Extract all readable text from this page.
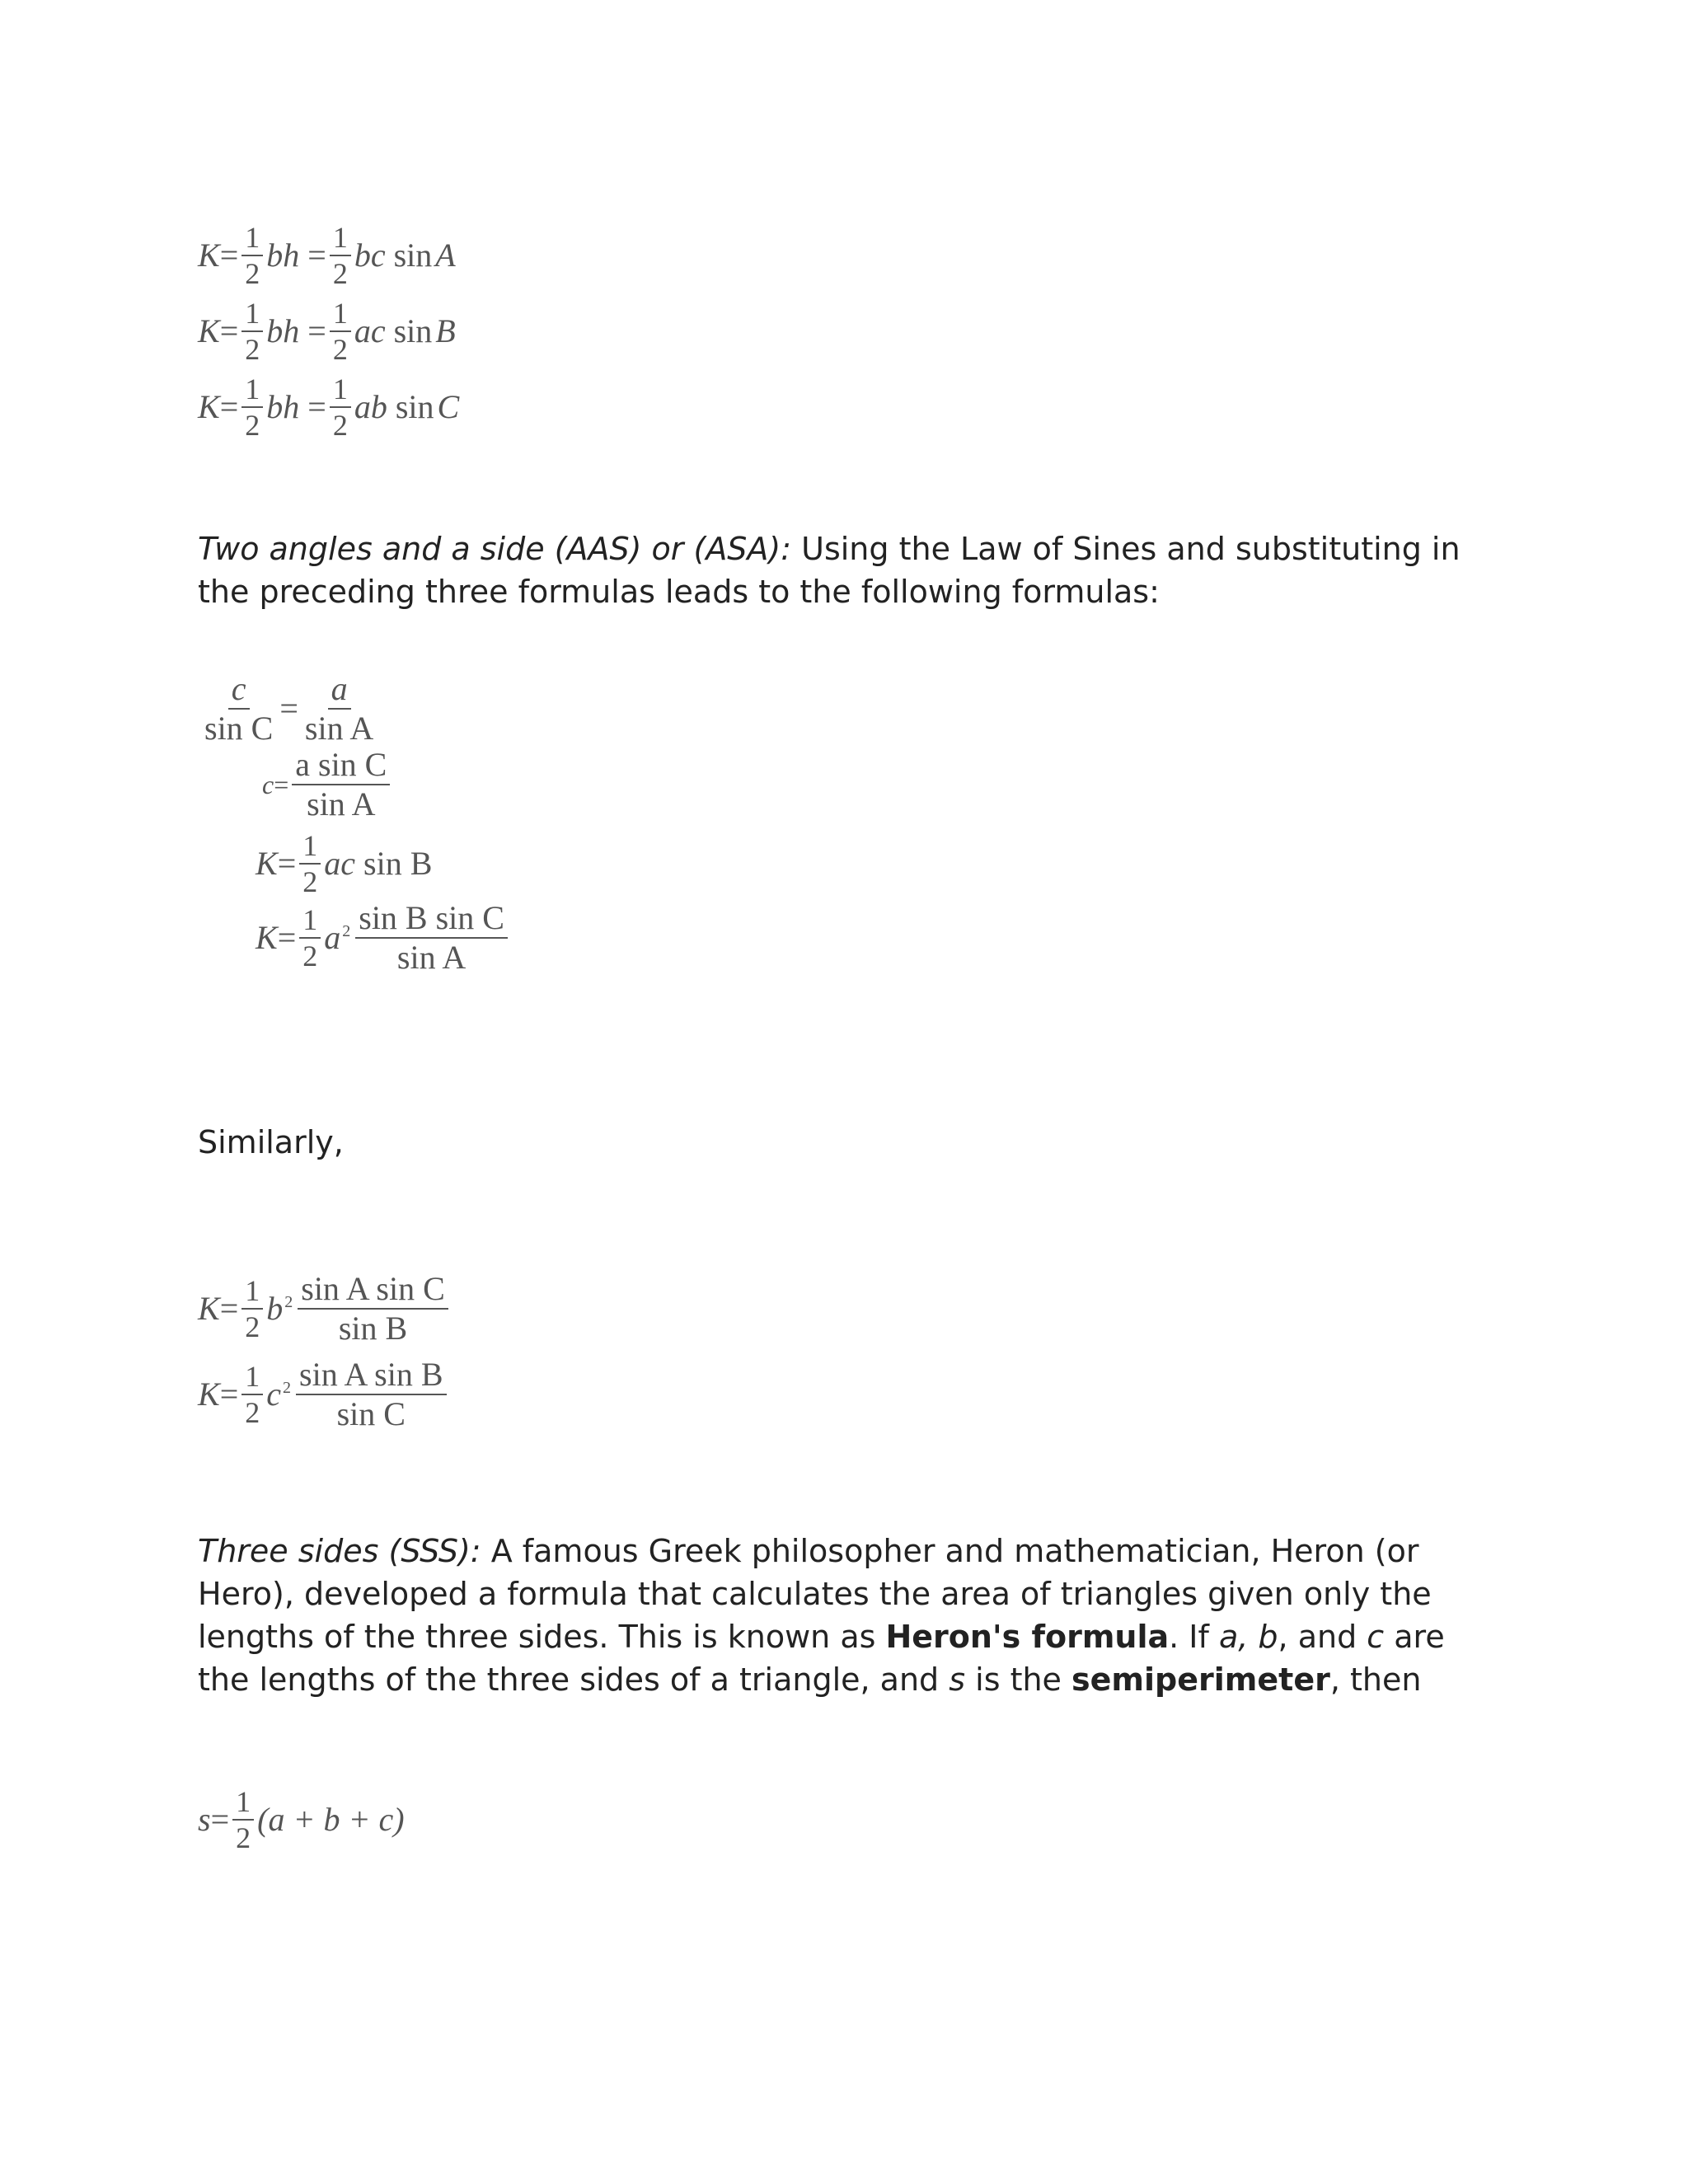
$K = \frac{1}{2}$ bh = $\frac{1}{2}$ bc sin A
$K = \frac{1}{2}$ bh = $\frac{1}{2}$ ac sin B
$K = \frac{1}{2}$ bh = $\frac{1}{2}$ ab sin C

Two angles and a side (AAS) or (ASA): Using the Law of Sines and substituting in the preceding three formulas leads to the following formulas:

$\frac{c}{\text{sin C}} = \frac{a}{\text{sin A}}$
$c = \frac{\text{a sin C}}{\text{sin A}}$
$K = \frac{1}{2}$ ac sin B
$K = \frac{1}{2}$ a $2 \frac{\text{sin B sin C}}{\text{sin A}}$

Similarly,

$K = \frac{1}{2}$ b $2 \frac{\text{sin A sin C}}{\text{sin B}}$
$K = \frac{1}{2}$ c $2 \frac{\text{sin A sin B}}{\text{sin C}}$

Three sides (SSS): A famous Greek philosopher and mathematician, Heron (or Hero), developed a formula that calculates the area of triangles given only the lengths of the three sides. This is known as Heron's formula. If a, b, and c are the lengths of the three sides of a triangle, and s is the semiperimeter, then

$s = \frac{1}{2} (a + b + c)$
